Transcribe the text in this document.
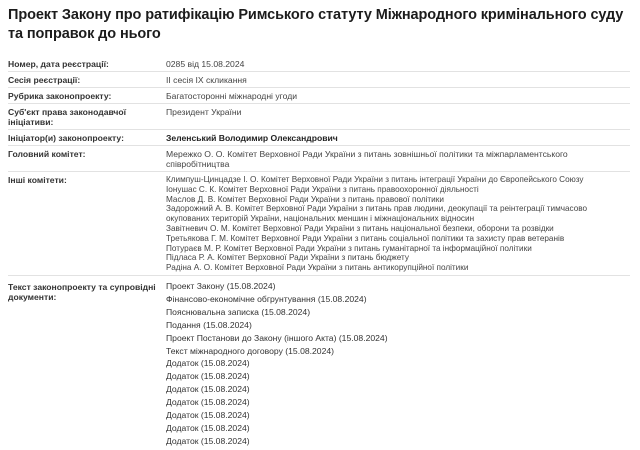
Проект Закону про ратифікацію Римського статуту Міжнародного кримінального суду та поправок до нього
Номер, дата реєстрації:	0285 від 15.08.2024
Сесія реєстрації:	ІІ сесія IX скликання
Рубрика законопроекту:	Багатосторонні міжнародні угоди
Суб'єкт права законодавчої ініціативи:
Президент України
Ініціатор(и) законопроекту:	Зеленський Володимир Олександрович
Головний комітет:	Мережко О. О. Комітет Верховної Ради України з питань зовнішньої політики та міжпарламентського співробітництва
Інші комітети:	Климпуш-Цинцадзе І. О. Комітет Верховної Ради України з питань інтеграції України до Європейського Союзу
Іонушас С. К. Комітет Верховної Ради України з питань правоохоронної діяльності
Маслов Д. В. Комітет Верховної Ради України з питань правової політики
Задорожний А. В. Комітет Верховної Ради України з питань прав людини, деокупації та реінтеграції тимчасово
окупованих територій України, національних меншин і міжнаціональних відносин
Завітневич О. М. Комітет Верховної Ради України з питань національної безпеки, оборони та розвідки
Третьякова Г. М. Комітет Верховної Ради України з питань соціальної політики та захисту прав ветеранів
Потураєв М. Р. Комітет Верховної Ради України з питань гуманітарної та інформаційної політики
Підласа Р. А. Комітет Верховної Ради України з питань бюджету
Радіна А. О. Комітет Верховної Ради України з питань антикорупційної політики
Текст законопроекту та супровідні документи:
Проект Закону (15.08.2024)
Фінансово-економічне обгрунтування (15.08.2024)
Пояснювальна записка (15.08.2024)
Подання (15.08.2024)
Проект Постанови до Закону (іншого Акта) (15.08.2024)
Текст міжнародного договору (15.08.2024)
Додаток (15.08.2024)
Додаток (15.08.2024)
Додаток (15.08.2024)
Додаток (15.08.2024)
Додаток (15.08.2024)
Додаток (15.08.2024)
Додаток (15.08.2024)
